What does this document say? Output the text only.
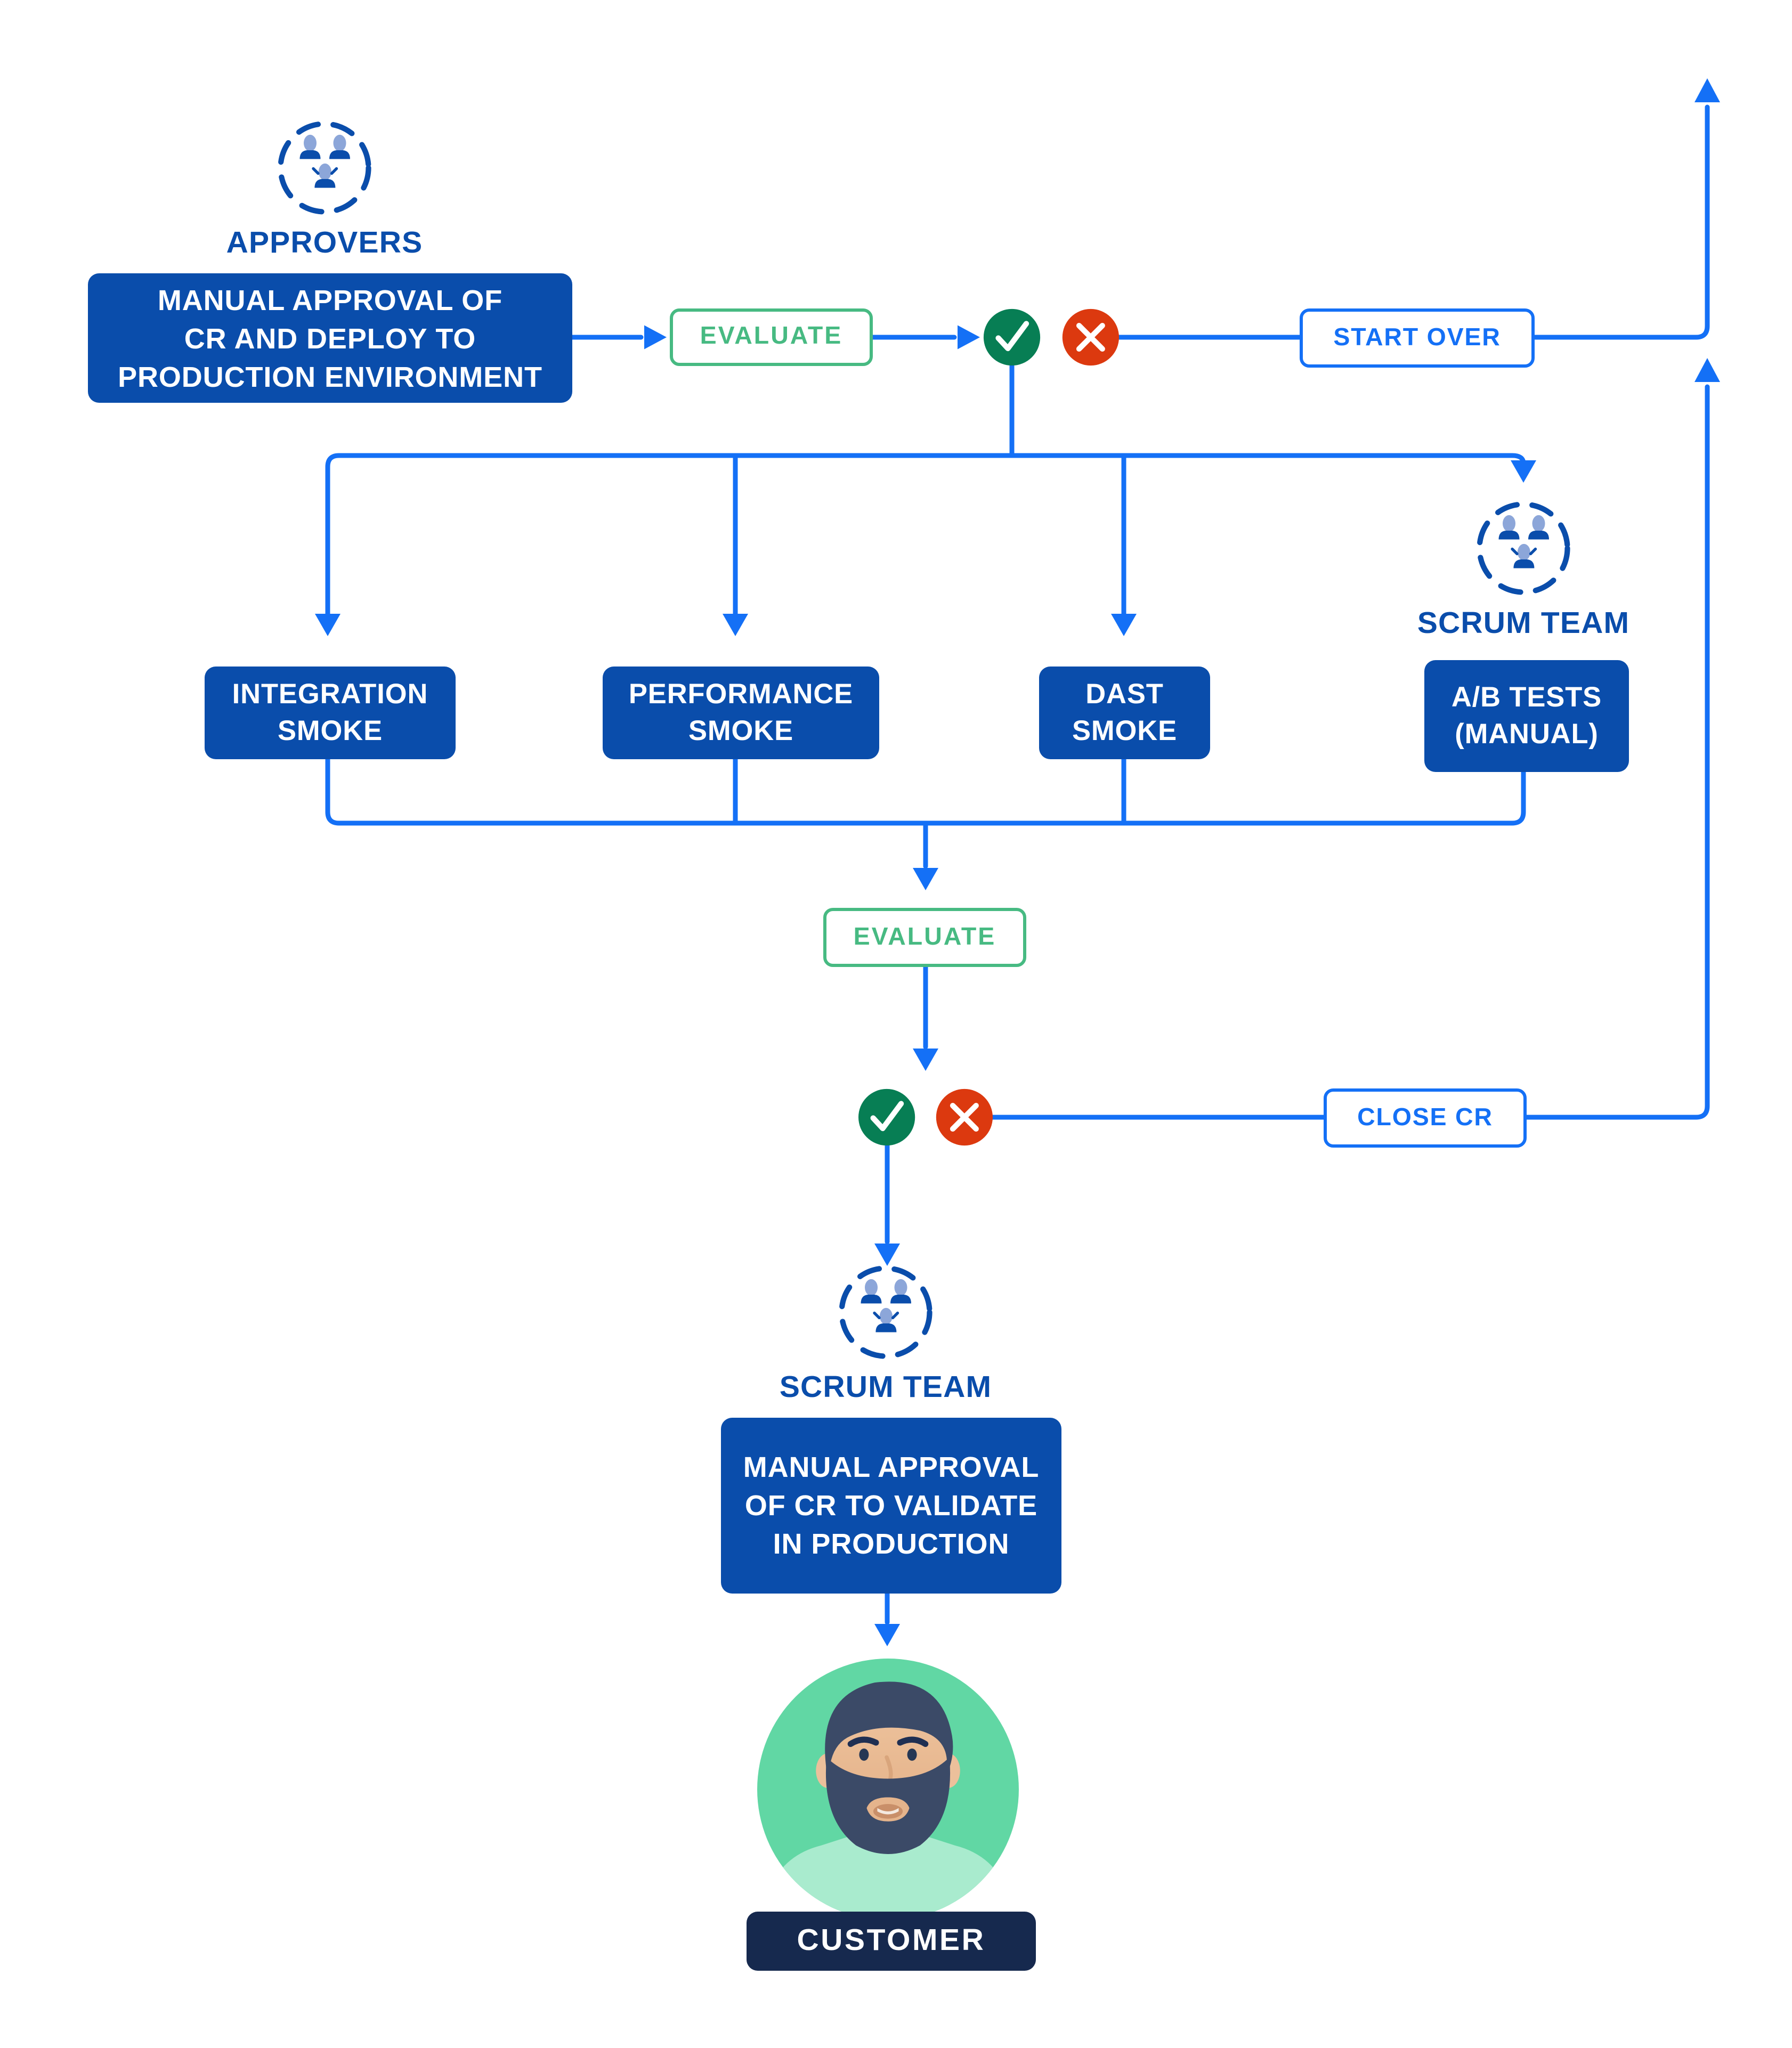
APPROVERS
MANUAL APPROVAL OF
CR AND DEPLOY TO
PRODUCTION ENVIRONMENT
EVALUATE	START OVER
SCRUM TEAM
INTEGRATION
SMOKE
PERFORMANCE
SMOKE
DAST
SMOKE
A/B TESTS
(MANUAL)
EVALUATE
CLOSE CR
SCRUM TEAM
MANUAL APPROVAL
OF CR TO VALIDATE
IN PRODUCTION
CUSTOMER
